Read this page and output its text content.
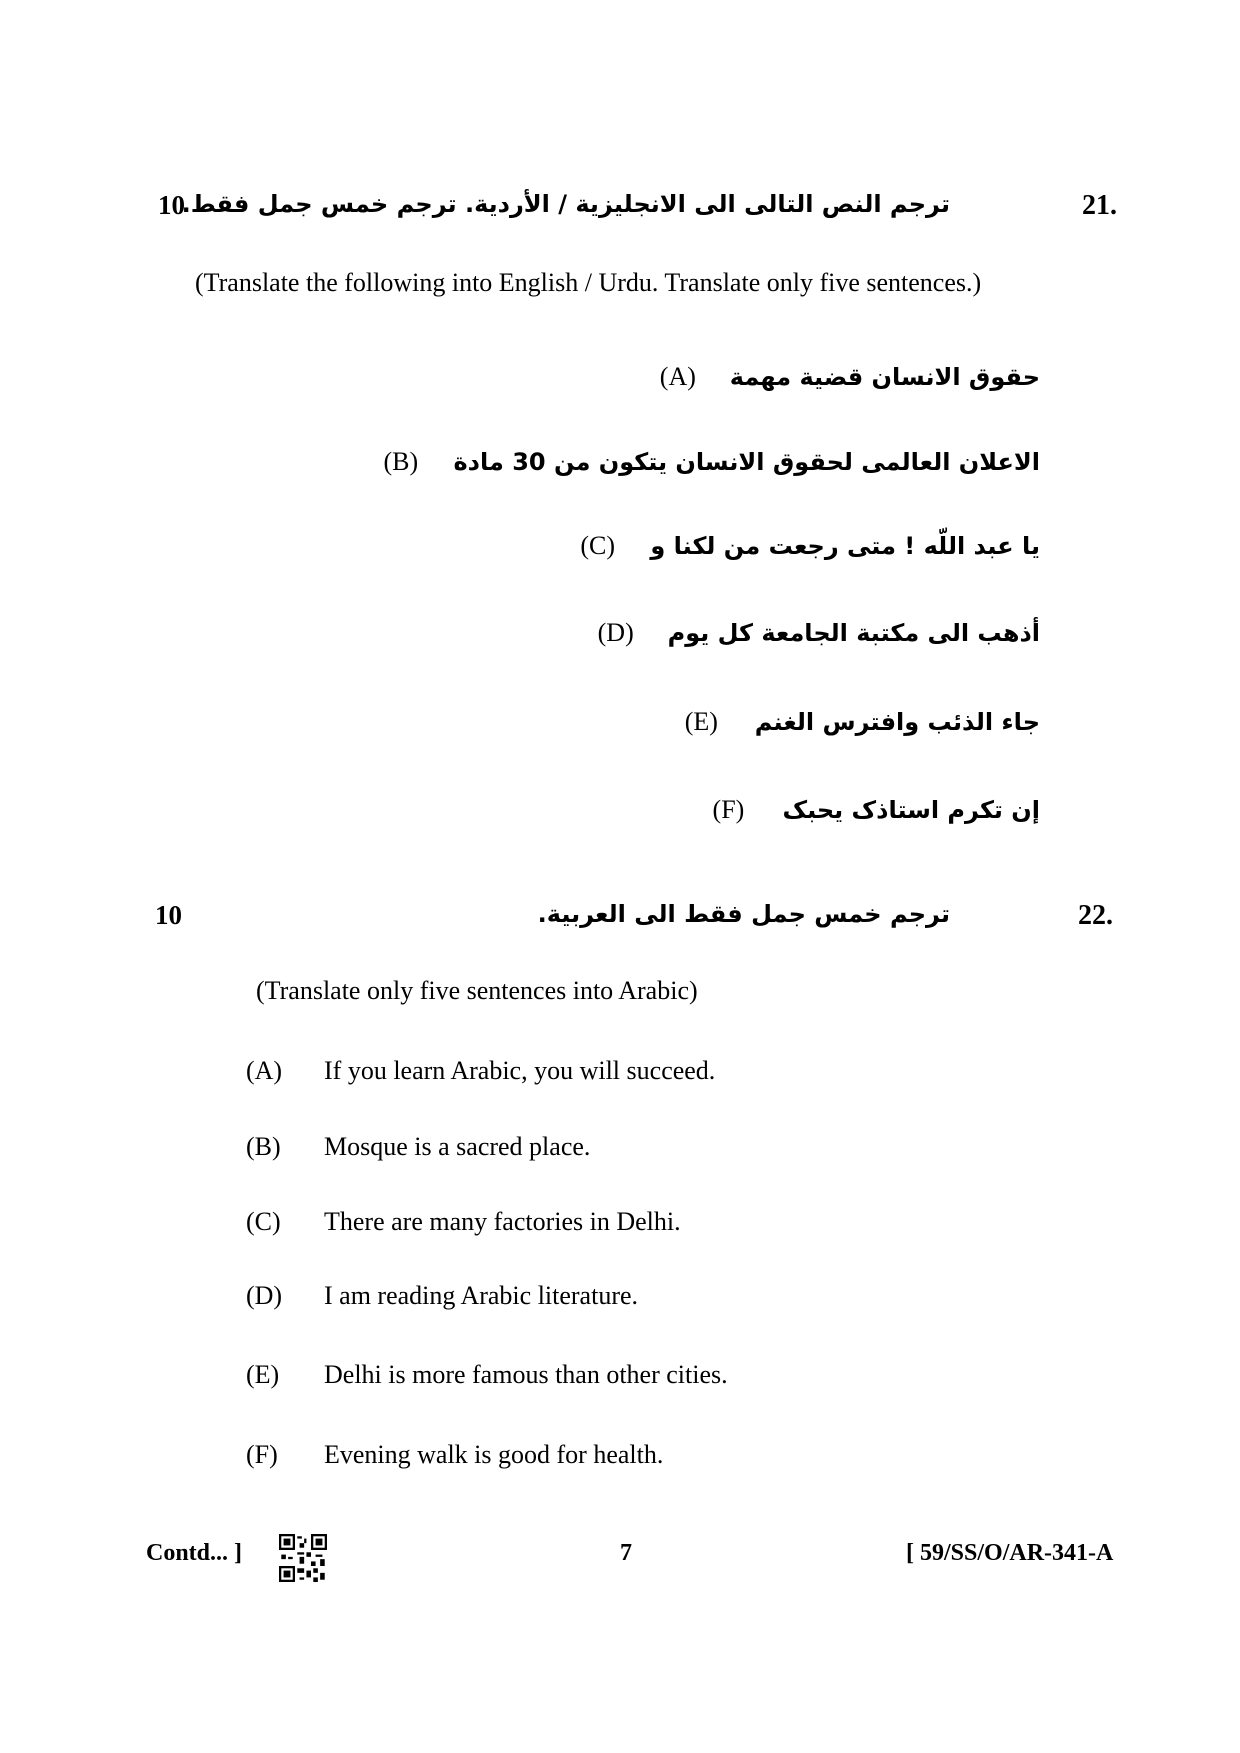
10
ترجم النص التالى الى الانجليزية / الأردية. ترجم خمس جمل فقط.	21.
(Translate the following into English / Urdu. Translate only five sentences.)
(A)	حقوق الانسان قضية مهمة
(B)	الاعلان العالمى لحقوق الانسان يتكون من 30 مادة
(C)	يا عبد اللّه ! متى رجعت من لكنا و
(D)	أذهب الى مكتبة الجامعة كل يوم
(E)	جاء الذئب وافترس الغنم
(F)	إن تكرم استاذک يحبک
10	ترجم خمس جمل فقط الى العربية.	22.
(Translate only five sentences into Arabic)
(A) If you learn Arabic, you will succeed.
(B) Mosque is a sacred place.
(C) There are many factories in Delhi.
(D) I am reading Arabic literature.
(E) Delhi is more famous than other cities.
(F) Evening walk is good for health.
Contd... ]	7	[ 59/SS/O/AR-341-A
